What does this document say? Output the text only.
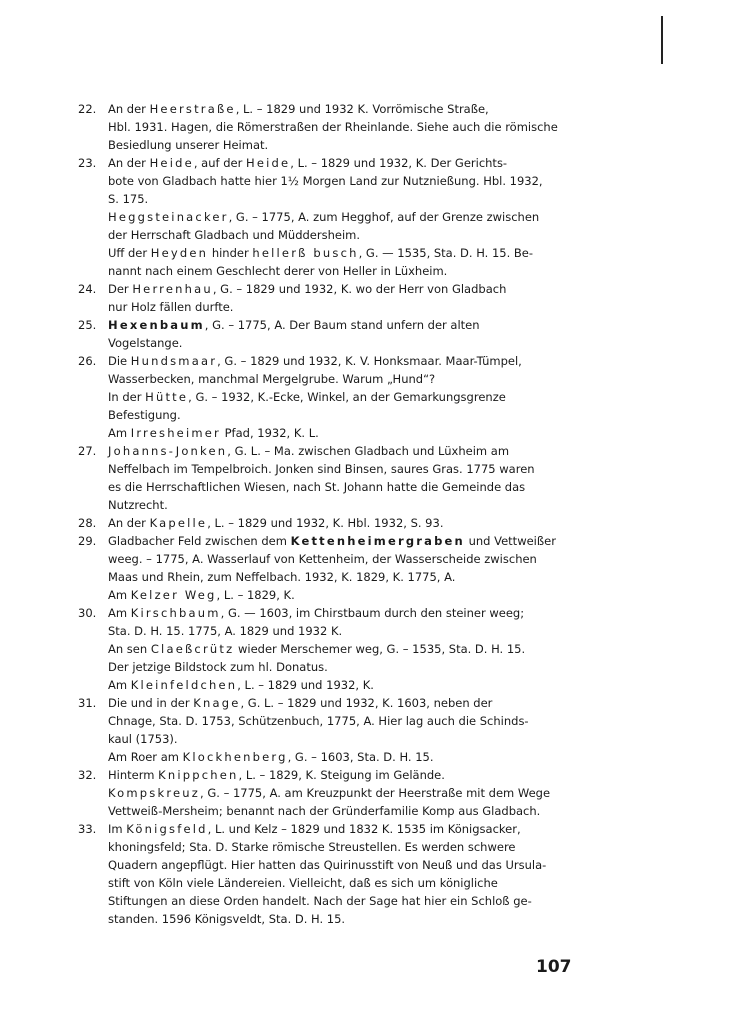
22.	An der Heerstraße, L. – 1829 und 1932 K. Vorrömische Straße,
Hbl. 1931. Hagen, die Römerstraßen der Rheinlande. Siehe auch die römische
Besiedlung unserer Heimat.
23.	An der Heide, auf der Heide, L. – 1829 und 1932, K. Der Gerichts-
bote von Gladbach hatte hier 1½ Morgen Land zur Nutznießung. Hbl. 1932,
S. 175.
Heggsteinacker, G. – 1775, A. zum Hegghof, auf der Grenze zwischen
der Herrschaft Gladbach und Müddersheim.
Uff der Heyden hinder hellerß busch, G. — 1535, Sta. D. H. 15. Be-
nannt nach einem Geschlecht derer von Heller in Lüxheim.
24.	Der Herrenhau, G. – 1829 und 1932, K. wo der Herr von Gladbach
nur Holz fällen durfte.
25.	Hexenbaum, G. – 1775, A. Der Baum stand unfern der alten
Vogelstange.
26.	Die Hundsmaar, G. – 1829 und 1932, K. V. Honksmaar. Maar-Tümpel,
Wasserbecken, manchmal Mergelgrube. Warum „Hund“?
In der Hütte, G. – 1932, K.-Ecke, Winkel, an der Gemarkungsgrenze
Befestigung.
Am Irresheimer Pfad, 1932, K. L.
27.	Johanns-Jonken, G. L. – Ma. zwischen Gladbach und Lüxheim am
Neffelbach im Tempelbroich. Jonken sind Binsen, saures Gras. 1775 waren
es die Herrschaftlichen Wiesen, nach St. Johann hatte die Gemeinde das
Nutzrecht.
28.	An der Kapelle, L. – 1829 und 1932, K. Hbl. 1932, S. 93.
29.	Gladbacher Feld zwischen dem Kettenheimergraben und Vettweißer
weeg. – 1775, A. Wasserlauf von Kettenheim, der Wasserscheide zwischen
Maas und Rhein, zum Neffelbach. 1932, K. 1829, K. 1775, A.
Am Kelzer Weg, L. – 1829, K.
30.	Am Kirschbaum, G. — 1603, im Chirstbaum durch den steiner weeg;
Sta. D. H. 15. 1775, A. 1829 und 1932 K.
An sen Claeßcrütz wieder Merschemer weg, G. – 1535, Sta. D. H. 15.
Der jetzige Bildstock zum hl. Donatus.
Am Kleinfeldchen, L. – 1829 und 1932, K.
31.	Die und in der Knage, G. L. – 1829 und 1932, K. 1603, neben der
Chnage, Sta. D. 1753, Schützenbuch, 1775, A. Hier lag auch die Schinds-
kaul (1753).
Am Roer am Klockhenberg, G. – 1603, Sta. D. H. 15.
32.	Hinterm Knippchen, L. – 1829, K. Steigung im Gelände.
Kompskreuz, G. – 1775, A. am Kreuzpunkt der Heerstraße mit dem Wege
Vettweiß-Mersheim; benannt nach der Gründerfamilie Komp aus Gladbach.
33.	Im Königsfeld, L. und Kelz – 1829 und 1832 K. 1535 im Königsacker,
khoningsfeld; Sta. D. Starke römische Streustellen. Es werden schwere
Quadern angepflügt. Hier hatten das Quirinusstift von Neuß und das Ursula-
stift von Köln viele Ländereien. Vielleicht, daß es sich um königliche
Stiftungen an diese Orden handelt. Nach der Sage hat hier ein Schloß ge-
standen. 1596 Königsveldt, Sta. D. H. 15.
107
